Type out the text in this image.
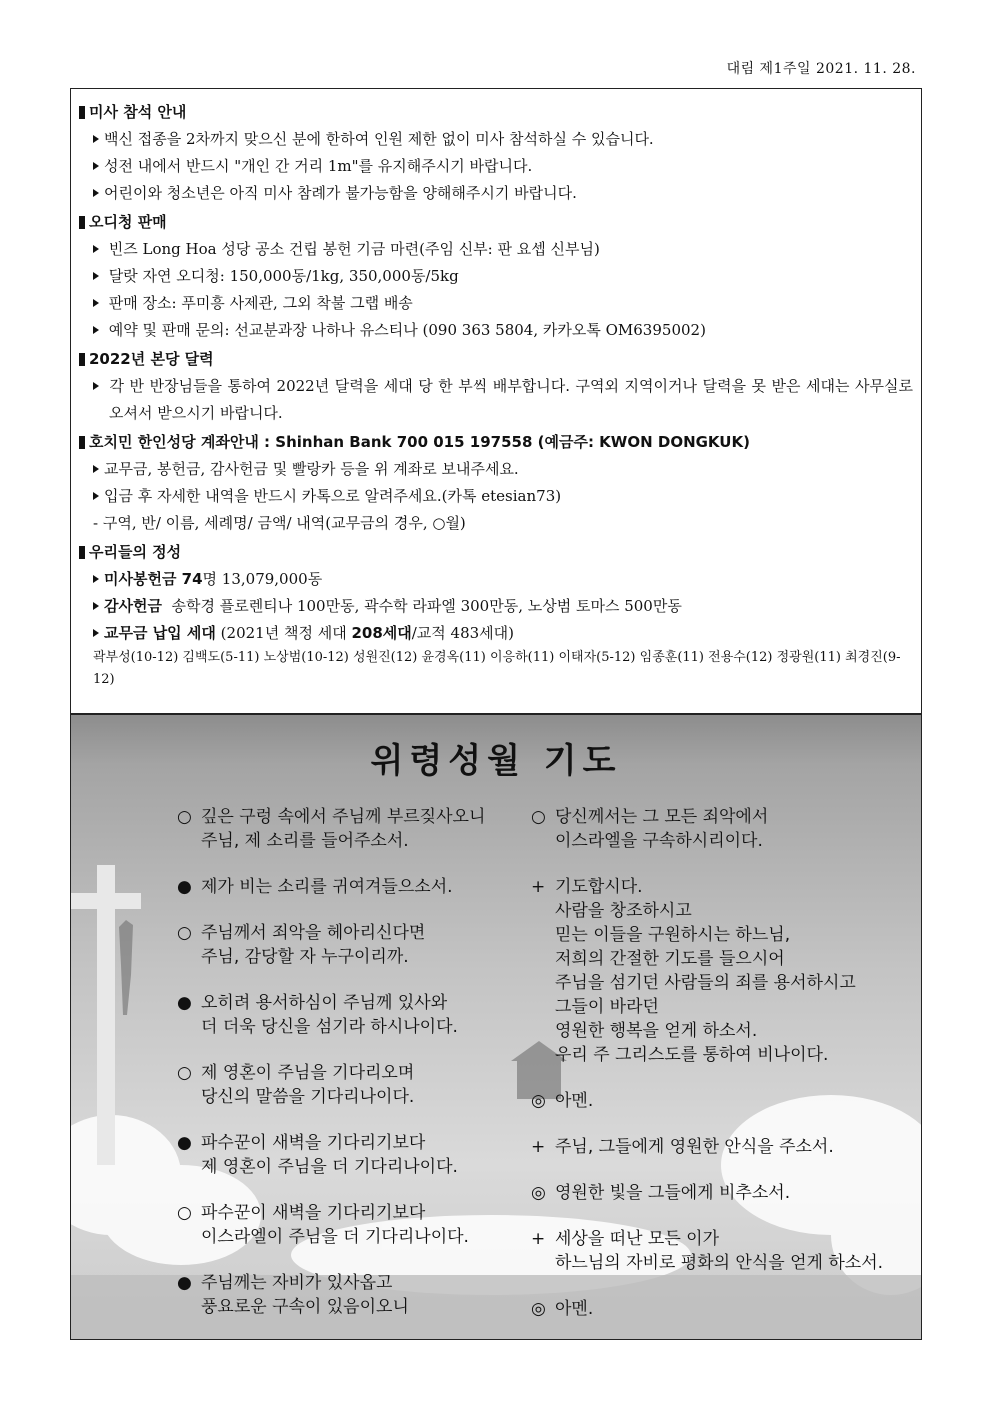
대림 제1주일 2021. 11. 28.
미사 참석 안내
백신 접종을 2차까지 맞으신 분에 한하여 인원 제한 없이 미사 참석하실 수 있습니다.
성전 내에서 반드시 "개인 간 거리 1m"를 유지해주시기 바랍니다.
어린이와 청소년은 아직 미사 참례가 불가능함을 양해해주시기 바랍니다.
오디청 판매
빈즈 Long Hoa 성당 공소 건립 봉헌 기금 마련(주임 신부: 판 요셉 신부님)
달랏 자연 오디청: 150,000동/1kg, 350,000동/5kg
판매 장소: 푸미흥 사제관, 그외 착불 그랩 배송
예약 및 판매 문의: 선교분과장 나하나 유스티나 (090 363 5804, 카카오톡 OM6395002)
2022년 본당 달력
각 반 반장님들을 통하여 2022년 달력을 세대 당 한 부씩 배부합니다. 구역외 지역이거나 달력을 못 받은 세대는 사무실로 오셔서 받으시기 바랍니다.
호치민 한인성당 계좌안내 : Shinhan Bank 700 015 197558 (예금주: KWON DONGKUK)
교무금, 봉헌금, 감사헌금 및 빨랑카 등을 위 계좌로 보내주세요.
입금 후 자세한 내역을 반드시 카톡으로 알려주세요.(카톡 etesian73)
- 구역, 반/ 이름, 세례명/ 금액/ 내역(교무금의 경우, ○월)
우리들의 정성
미사봉헌금 74명 13,079,000동
감사헌금 송학경 플로렌티나 100만동, 곽수학 라파엘 300만동, 노상범 토마스 500만동
교무금 납입 세대 (2021년 책정 세대 208세대/교적 483세대)
곽부성(10-12) 김백도(5-11) 노상범(10-12) 성원진(12) 윤경옥(11) 이응하(11) 이태자(5-12) 임종훈(11) 전용수(12) 정광원(11) 최경진(9-12)
위령성월 기도
○ 깊은 구렁 속에서 주님께 부르짖사오니
주님, 제 소리를 들어주소서.
● 제가 비는 소리를 귀여겨들으소서.
○ 주님께서 죄악을 헤아리신다면
주님, 감당할 자 누구이리까.
● 오히려 용서하심이 주님께 있사와
더 더욱 당신을 섬기라 하시나이다.
○ 제 영혼이 주님을 기다리오며
당신의 말씀을 기다리나이다.
● 파수꾼이 새벽을 기다리기보다
제 영혼이 주님을 더 기다리나이다.
○ 파수꾼이 새벽을 기다리기보다
이스라엘이 주님을 더 기다리나이다.
● 주님께는 자비가 있사옵고
풍요로운 구속이 있음이오니
○ 당신께서는 그 모든 죄악에서
이스라엘을 구속하시리이다.
+ 기도합시다.
사람을 창조하시고
믿는 이들을 구원하시는 하느님,
저희의 간절한 기도를 들으시어
주님을 섬기던 사람들의 죄를 용서하시고
그들이 바라던
영원한 행복을 얻게 하소서.
우리 주 그리스도를 통하여 비나이다.
◎ 아멘.
+ 주님, 그들에게 영원한 안식을 주소서.
◎ 영원한 빛을 그들에게 비추소서.
+ 세상을 떠난 모든 이가
하느님의 자비로 평화의 안식을 얻게 하소서.
◎ 아멘.
